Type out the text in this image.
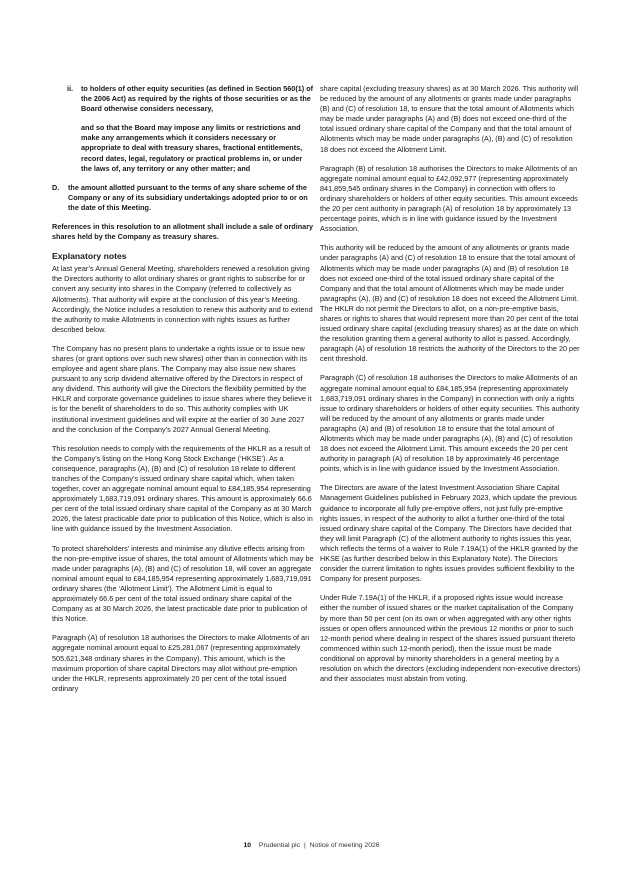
ii. to holders of other equity securities (as defined in Section 560(1) of the 2006 Act) as required by the rights of those securities or as the Board otherwise considers necessary,

and so that the Board may impose any limits or restrictions and make any arrangements which it considers necessary or appropriate to deal with treasury shares, fractional entitlements, record dates, legal, regulatory or practical problems in, or under the laws of, any territory or any other matter; and

D. the amount allotted pursuant to the terms of any share scheme of the Company or any of its subsidiary undertakings adopted prior to or on the date of this Meeting.

References in this resolution to an allotment shall include a sale of ordinary shares held by the Company as treasury shares.

Explanatory notes

At last year’s Annual General Meeting, shareholders renewed a resolution giving the Directors authority to allot ordinary shares or grant rights to subscribe for or convert any security into shares in the Company (referred to collectively as Allotments). That authority will expire at the conclusion of this year’s Meeting. Accordingly, the Notice includes a resolution to renew this authority and to extend the authority to make Allotments in connection with rights issues as further described below.

The Company has no present plans to undertake a rights issue or to issue new shares (or grant options over such new shares) other than in connection with its employee and agent share plans. The Company may also issue new shares pursuant to any scrip dividend alternative offered by the Directors in respect of any dividend. This authority will give the Directors the flexibility permitted by the HKLR and corporate governance guidelines to issue shares where they believe it is for the benefit of shareholders to do so. This authority complies with UK institutional investment guidelines and will expire at the earlier of 30 June 2027 and the conclusion of the Company’s 2027 Annual General Meeting.

This resolution needs to comply with the requirements of the HKLR as a result of the Company’s listing on the Hong Kong Stock Exchange (‘HKSE’). As a consequence, paragraphs (A), (B) and (C) of resolution 18 relate to different tranches of the Company’s issued ordinary share capital which, when taken together, cover an aggregate nominal amount equal to £84,185,954 representing approximately 1,683,719,091 ordinary shares. This amount is approximately 66.6 per cent of the total issued ordinary share capital of the Company as at 30 March 2026, the latest practicable date prior to publication of this Notice, which is also in line with guidance issued by the Investment Association.

To protect shareholders’ interests and minimise any dilutive effects arising from the non-pre-emptive issue of shares, the total amount of Allotments which may be made under paragraphs (A), (B) and (C) of resolution 18, will cover an aggregate nominal amount equal to £84,185,954 representing approximately 1,683,719,091 ordinary shares (the ‘Allotment Limit’). The Allotment Limit is equal to approximately 66.6 per cent of the total issued ordinary share capital of the Company as at 30 March 2026, the latest practicable date prior to publication of this Notice.

Paragraph (A) of resolution 18 authorises the Directors to make Allotments of an aggregate nominal amount equal to £25,281,067 (representing approximately 505,621,348 ordinary shares in the Company). This amount, which is the maximum proportion of share capital Directors may allot without pre-emption under the HKLR, represents approximately 20 per cent of the total issued ordinary

share capital (excluding treasury shares) as at 30 March 2026. This authority will be reduced by the amount of any allotments or grants made under paragraphs (B) and (C) of resolution 18, to ensure that the total amount of Allotments which may be made under paragraphs (A) and (B) does not exceed one-third of the total issued ordinary share capital of the Company and that the total amount of Allotments which may be made under paragraphs (A), (B) and (C) of resolution 18 does not exceed the Allotment Limit.

Paragraph (B) of resolution 18 authorises the Directors to make Allotments of an aggregate nominal amount equal to £42,092,977 (representing approximately 841,859,545 ordinary shares in the Company) in connection with offers to ordinary shareholders or holders of other equity securities. This amount exceeds the 20 per cent authority in paragraph (A) of resolution 18 by approximately 13 percentage points, which is in line with guidance issued by the Investment Association.

This authority will be reduced by the amount of any allotments or grants made under paragraphs (A) and (C) of resolution 18 to ensure that the total amount of Allotments which may be made under paragraphs (A) and (B) of resolution 18 does not exceed one-third of the total issued ordinary share capital of the Company and that the total amount of Allotments which may be made under paragraphs (A), (B) and (C) of resolution 18 does not exceed the Allotment Limit. The HKLR do not permit the Directors to allot, on a non-pre-emptive basis, shares or rights to shares that would represent more than 20 per cent of the total issued ordinary share capital (excluding treasury shares) as at the date on which the resolution granting them a general authority to allot is passed. Accordingly, paragraph (A) of resolution 18 restricts the authority of the Directors to the 20 per cent threshold.

Paragraph (C) of resolution 18 authorises the Directors to make Allotments of an aggregate nominal amount equal to £84,185,954 (representing approximately 1,683,719,091 ordinary shares in the Company) in connection with only a rights issue to ordinary shareholders or holders of other equity securities. This authority will be reduced by the amount of any allotments or grants made under paragraphs (A) and (B) of resolution 18 to ensure that the total amount of Allotments which may be made under paragraphs (A), (B) and (C) of resolution 18 does not exceed the Allotment Limit. This amount exceeds the 20 per cent authority in paragraph (A) of resolution 18 by approximately 46 percentage points, which is in line with guidance issued by the Investment Association.

The Directors are aware of the latest Investment Association Share Capital Management Guidelines published in February 2023, which update the previous guidance to incorporate all fully pre-emptive offers, not just fully pre-emptive rights issues, in respect of the authority to allot a further one-third of the total issued ordinary share capital of the Company. The Directors have decided that they will limit Paragraph (C) of the allotment authority to rights issues this year, which reflects the terms of a waiver to Rule 7.19A(1) of the HKLR granted by the HKSE (as further described below in this Explanatory Note). The Directors consider the current limitation to rights issues provides sufficient flexibility to the Company for present purposes.

Under Rule 7.19A(1) of the HKLR, if a proposed rights issue would increase either the number of issued shares or the market capitalisation of the Company by more than 50 per cent (on its own or when aggregated with any other rights issues or open offers announced within the previous 12 months or prior to such 12-month period where dealing in respect of the shares issued pursuant thereto commenced within such 12-month period), then the issue must be made conditional on approval by minority shareholders in a general meeting by a resolution on which the directors (excluding independent non-executive directors) and their associates must abstain from voting.

10 Prudential plc | Notice of meeting 2026
